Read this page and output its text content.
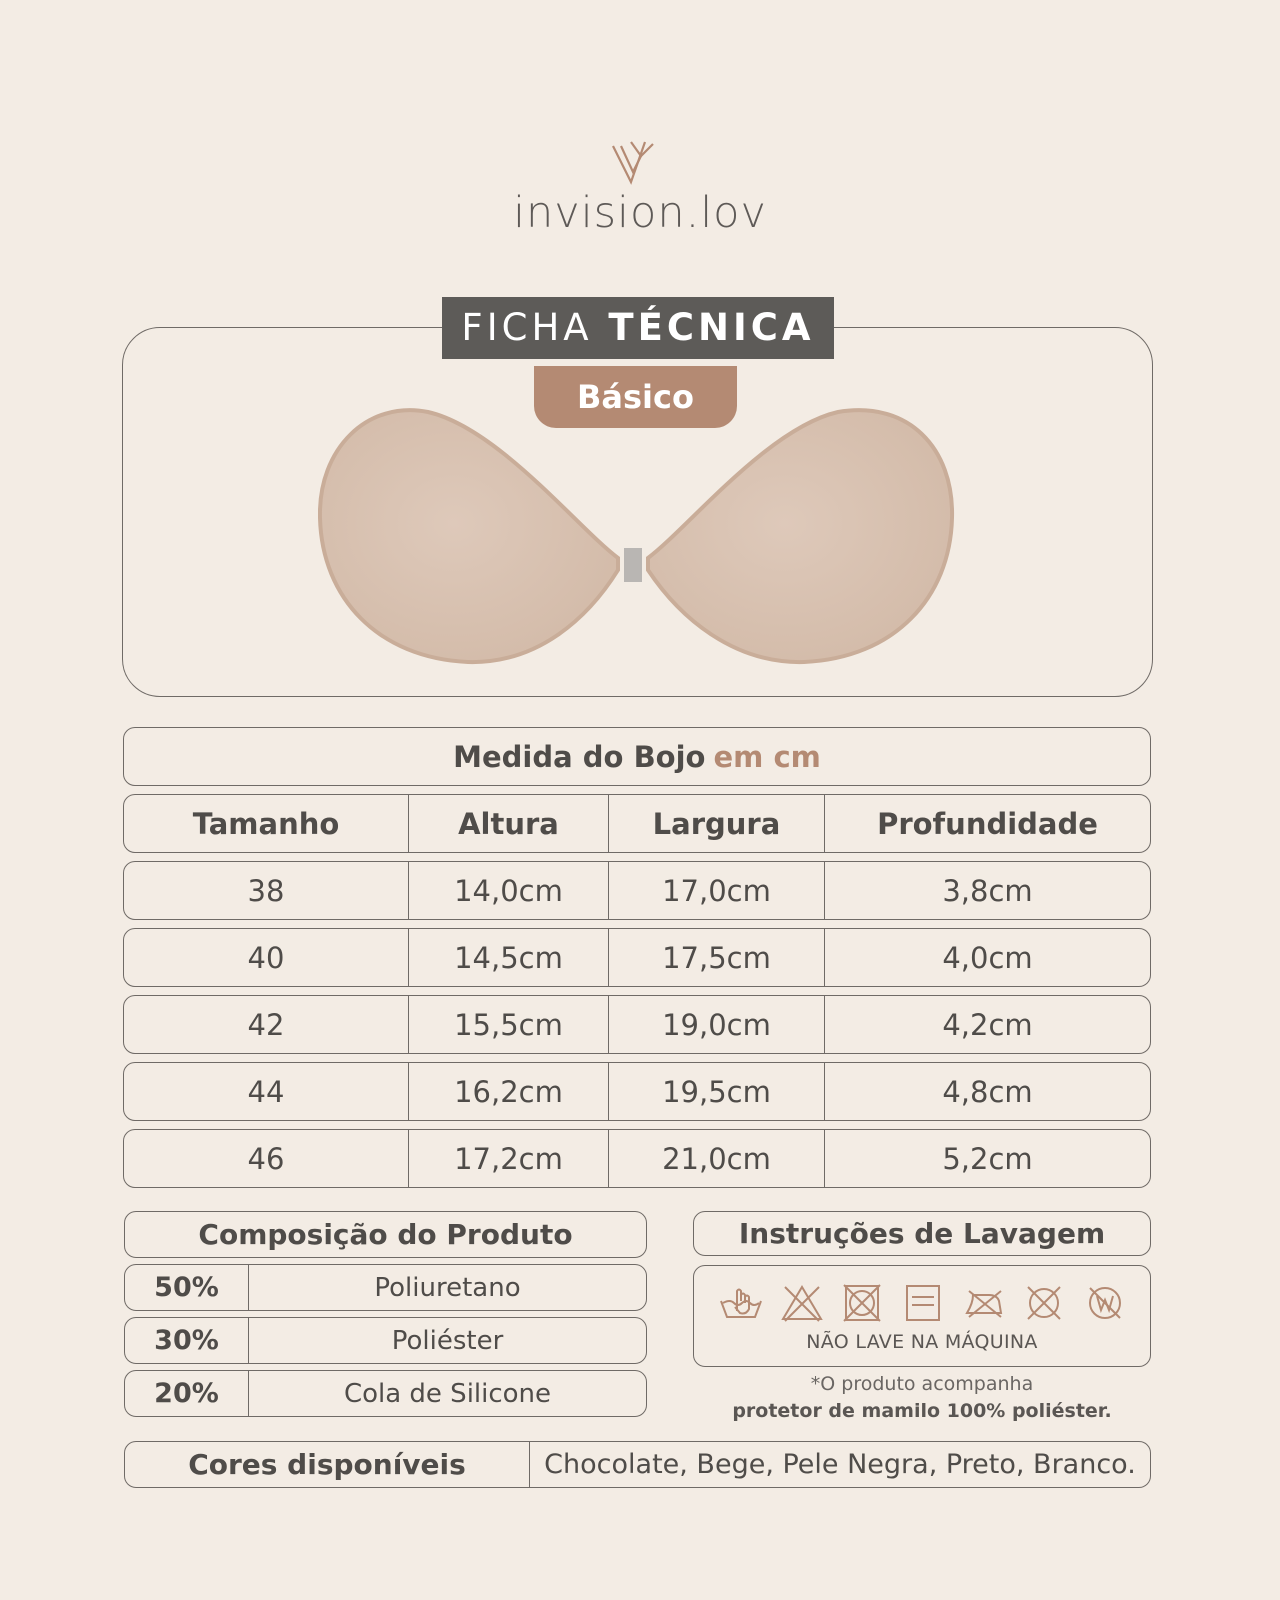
invision.lov
FICHA TÉCNICA
Básico
Medida do Bojo em cm
Tamanho	Altura	Largura	Profundidade
38	14,0cm	17,0cm	3,8cm
40	14,5cm	17,5cm	4,0cm
42	15,5cm	19,0cm	4,2cm
44	16,2cm	19,5cm	4,8cm
46	17,2cm	21,0cm	5,2cm
Composição do Produto
50%	Poliuretano
30%	Poliéster
20%	Cola de Silicone
Instruções de Lavagem
NÃO LAVE NA MÁQUINA
*O produto acompanha
protetor de mamilo 100% poliéster.
Cores disponíveis	Chocolate, Bege, Pele Negra, Preto, Branco.
